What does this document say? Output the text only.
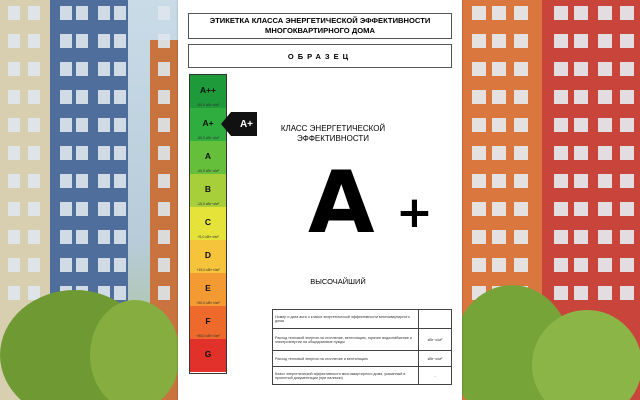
ЭТИКЕТКА КЛАССА ЭНЕРГЕТИЧЕСКОЙ ЭФФЕКТИВНОСТИ
МНОГОКВАРТИРНОГО ДОМА
ОБРАЗЕЦ
A++
-60,0 кВт·ч/м²
A+
-50,0 кВт·ч/м²
A
-40,0 кВт·ч/м²
B
-15,0 кВт·ч/м²
C
+5,0 кВт·ч/м²
D
+15,0 кВт·ч/м²
E
+50,0 кВт·ч/м²
F
+85,0 кВт·ч/м²
G
A+	КЛАСС ЭНЕРГЕТИЧЕСКОЙ
ЭФФЕКТИВНОСТИ
A +
ВЫСОЧАЙШИЙ
Номер и дата акта о классе энергетической эффективности многоквартирного дома	
Расход тепловой энергии на отопление, вентиляцию, горячее водоснабжение и электроэнергии на общедомовые нужды	кВт·ч/м²
Расход тепловой энергии на отопление и вентиляцию	кВт·ч/м²
Класс энергетической эффективности многоквартирного дома, указанный в проектной документации (при наличии)	-
